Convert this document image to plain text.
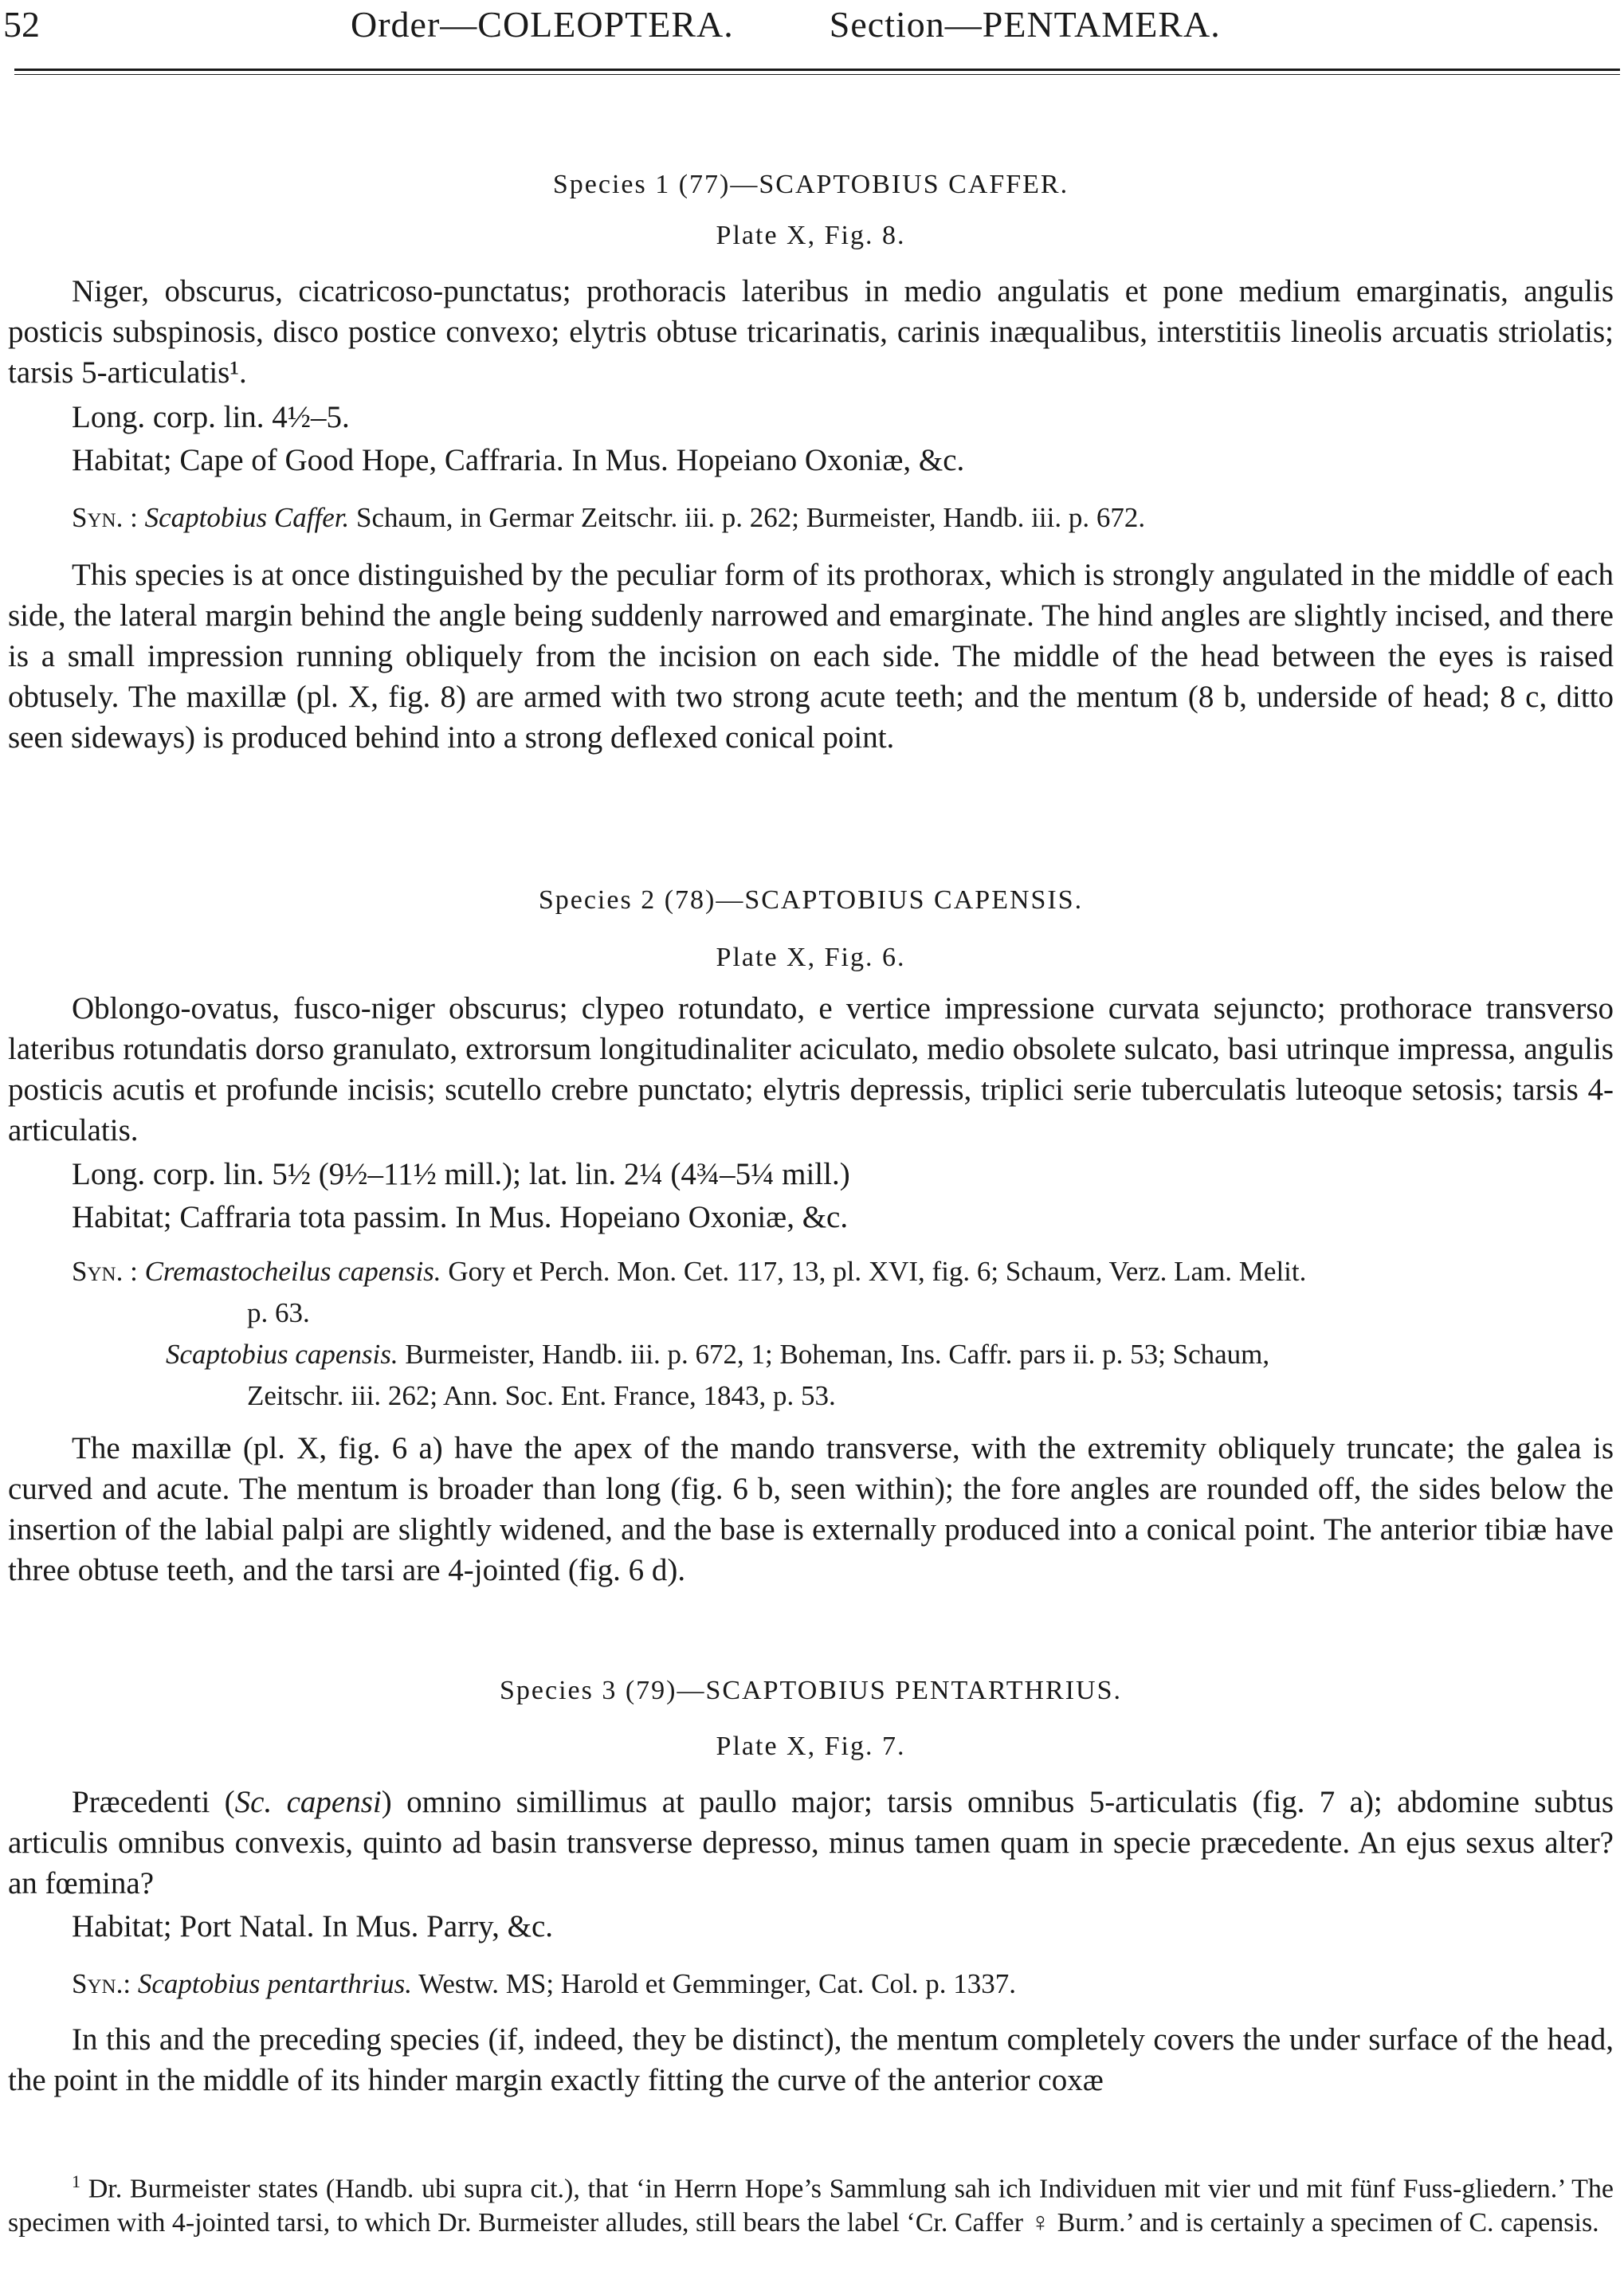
52	Order—COLEOPTERA.	Section—PENTAMERA.
Species 1 (77)—SCAPTOBIUS CAFFER.
Plate X, Fig. 8.
Niger, obscurus, cicatricoso-punctatus; prothoracis lateribus in medio angulatis et pone medium emarginatis, angulis posticis subspinosis, disco postice convexo; elytris obtuse tricarinatis, carinis inæqualibus, interstitiis lineolis arcuatis striolatis; tarsis 5-articulatis¹.
Long. corp. lin. 4½–5.
Habitat; Cape of Good Hope, Caffraria. In Mus. Hopeiano Oxoniæ, &c.
Syn. : Scaptobius Caffer. Schaum, in Germar Zeitschr. iii. p. 262; Burmeister, Handb. iii. p. 672.
This species is at once distinguished by the peculiar form of its prothorax, which is strongly angulated in the middle of each side, the lateral margin behind the angle being suddenly narrowed and emarginate. The hind angles are slightly incised, and there is a small impression running obliquely from the incision on each side. The middle of the head between the eyes is raised obtusely. The maxillæ (pl. X, fig. 8) are armed with two strong acute teeth; and the mentum (8 b, underside of head; 8 c, ditto seen sideways) is produced behind into a strong deflexed conical point.
Species 2 (78)—SCAPTOBIUS CAPENSIS.
Plate X, Fig. 6.
Oblongo-ovatus, fusco-niger obscurus; clypeo rotundato, e vertice impressione curvata sejuncto; prothorace transverso lateribus rotundatis dorso granulato, extrorsum longitudinaliter aciculato, medio obsolete sulcato, basi utrinque impressa, angulis posticis acutis et profunde incisis; scutello crebre punctato; elytris depressis, triplici serie tuberculatis luteoque setosis; tarsis 4-articulatis.
Long. corp. lin. 5½ (9½–11½ mill.); lat. lin. 2¼ (4¾–5¼ mill.)
Habitat; Caffraria tota passim. In Mus. Hopeiano Oxoniæ, &c.
Syn. : Cremastocheilus capensis. Gory et Perch. Mon. Cet. 117, 13, pl. XVI, fig. 6; Schaum, Verz. Lam. Melit.
p. 63.
Scaptobius capensis. Burmeister, Handb. iii. p. 672, 1; Boheman, Ins. Caffr. pars ii. p. 53; Schaum,
Zeitschr. iii. 262; Ann. Soc. Ent. France, 1843, p. 53.
The maxillæ (pl. X, fig. 6 a) have the apex of the mando transverse, with the extremity obliquely truncate; the galea is curved and acute. The mentum is broader than long (fig. 6 b, seen within); the fore angles are rounded off, the sides below the insertion of the labial palpi are slightly widened, and the base is externally produced into a conical point. The anterior tibiæ have three obtuse teeth, and the tarsi are 4-jointed (fig. 6 d).
Species 3 (79)—SCAPTOBIUS PENTARTHRIUS.
Plate X, Fig. 7.
Præcedenti (Sc. capensi) omnino simillimus at paullo major; tarsis omnibus 5-articulatis (fig. 7 a); abdomine subtus articulis omnibus convexis, quinto ad basin transverse depresso, minus tamen quam in specie præcedente. An ejus sexus alter? an fœmina?
Habitat; Port Natal. In Mus. Parry, &c.
Syn.: Scaptobius pentarthrius. Westw. MS; Harold et Gemminger, Cat. Col. p. 1337.
In this and the preceding species (if, indeed, they be distinct), the mentum completely covers the under surface of the head, the point in the middle of its hinder margin exactly fitting the curve of the anterior coxæ
$^1$ Dr. Burmeister states (Handb. ubi supra cit.), that ‘in Herrn Hope’s Sammlung sah ich Individuen mit vier und mit fünf Fuss-gliedern.’ The specimen with 4-jointed tarsi, to which Dr. Burmeister alludes, still bears the label ‘Cr. Caffer ♀ Burm.’ and is certainly a specimen of C. capensis.
